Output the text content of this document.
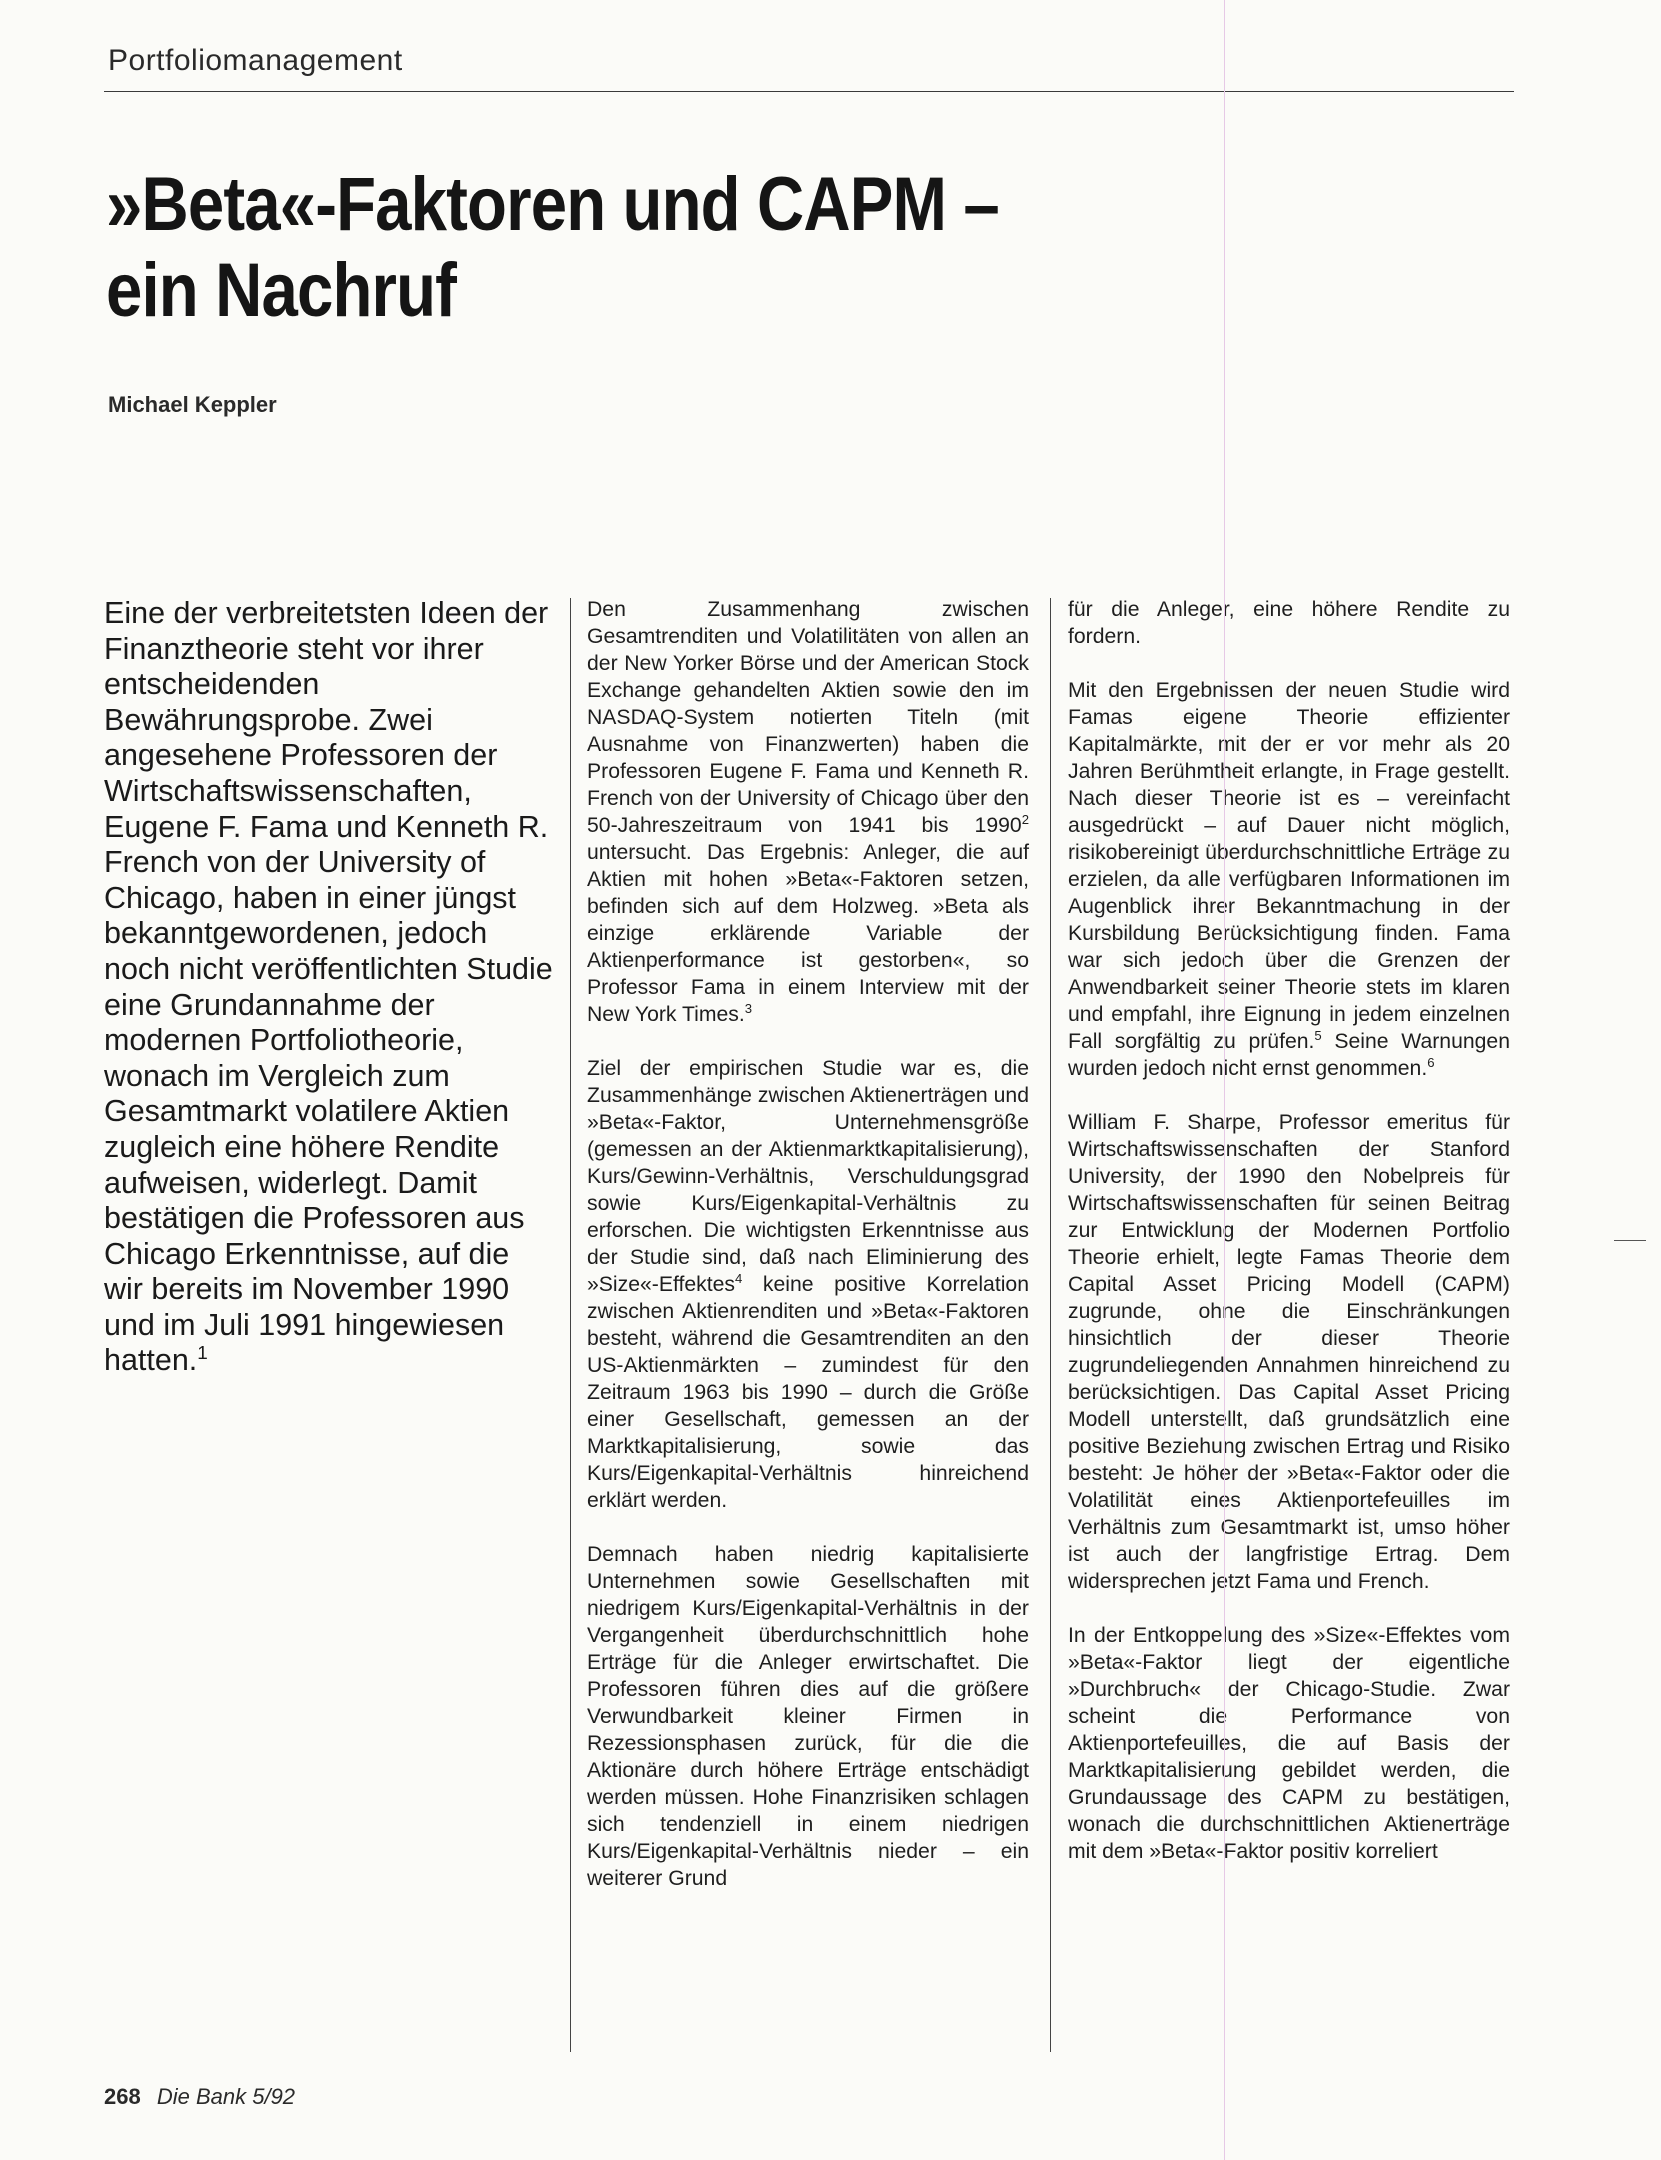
Portfoliomanagement
»Beta«-Faktoren und CAPM –
ein Nachruf
Michael Keppler

Eine der verbreitetsten Ideen der Finanztheorie steht vor ihrer entscheidenden Bewährungsprobe. Zwei angesehene Professoren der Wirtschaftswissenschaften, Eugene F. Fama und Kenneth R. French von der University of Chicago, haben in einer jüngst bekanntgewordenen, jedoch noch nicht veröffentlichten Studie eine Grundannahme der modernen Portfoliotheorie, wonach im Vergleich zum Gesamtmarkt volatilere Aktien zugleich eine höhere Rendite aufweisen, widerlegt. Damit bestätigen die Professoren aus Chicago Erkenntnisse, auf die wir bereits im November 1990 und im Juli 1991 hingewiesen hatten.$^1$

Den Zusammenhang zwischen Gesamtrenditen und Volatilitäten von allen an der New Yorker Börse und der American Stock Exchange gehandelten Aktien sowie den im NASDAQ-System notierten Titeln (mit Ausnahme von Finanzwerten) haben die Professoren Eugene F. Fama und Kenneth R. French von der University of Chicago über den 50-Jahreszeitraum von 1941 bis 1990$^2$ untersucht. Das Ergebnis: Anleger, die auf Aktien mit hohen »Beta«-Faktoren setzen, befinden sich auf dem Holzweg. »Beta als einzige erklärende Variable der Aktienperformance ist gestorben«, so Professor Fama in einem Interview mit der New York Times.$^3$

Ziel der empirischen Studie war es, die Zusammenhänge zwischen Aktienerträgen und »Beta«-Faktor, Unternehmensgröße (gemessen an der Aktienmarktkapitalisierung), Kurs/Gewinn-Verhältnis, Verschuldungsgrad sowie Kurs/Eigenkapital-Verhältnis zu erforschen. Die wichtigsten Erkenntnisse aus der Studie sind, daß nach Eliminierung des »Size«-Effektes$^4$ keine positive Korrelation zwischen Aktienrenditen und »Beta«-Faktoren besteht, während die Gesamtrenditen an den US-Aktienmärkten – zumindest für den Zeitraum 1963 bis 1990 – durch die Größe einer Gesellschaft, gemessen an der Marktkapitalisierung, sowie das Kurs/Eigenkapital-Verhältnis hinreichend erklärt werden.

Demnach haben niedrig kapitalisierte Unternehmen sowie Gesellschaften mit niedrigem Kurs/Eigenkapital-Verhältnis in der Vergangenheit überdurchschnittlich hohe Erträge für die Anleger erwirtschaftet. Die Professoren führen dies auf die größere Verwundbarkeit kleiner Firmen in Rezessionsphasen zurück, für die die Aktionäre durch höhere Erträge entschädigt werden müssen. Hohe Finanzrisiken schlagen sich tendenziell in einem niedrigen Kurs/Eigenkapital-Verhältnis nieder – ein weiterer Grund

für die Anleger, eine höhere Rendite zu fordern.

Mit den Ergebnissen der neuen Studie wird Famas eigene Theorie effizienter Kapitalmärkte, mit der er vor mehr als 20 Jahren Berühmtheit erlangte, in Frage gestellt. Nach dieser Theorie ist es – vereinfacht ausgedrückt – auf Dauer nicht möglich, risikobereinigt überdurchschnittliche Erträge zu erzielen, da alle verfügbaren Informationen im Augenblick ihrer Bekanntmachung in der Kursbildung Berücksichtigung finden. Fama war sich jedoch über die Grenzen der Anwendbarkeit seiner Theorie stets im klaren und empfahl, ihre Eignung in jedem einzelnen Fall sorgfältig zu prüfen.$^5$ Seine Warnungen wurden jedoch nicht ernst genommen.$^6$

William F. Sharpe, Professor emeritus für Wirtschaftswissenschaften der Stanford University, der 1990 den Nobelpreis für Wirtschaftswissenschaften für seinen Beitrag zur Entwicklung der Modernen Portfolio Theorie erhielt, legte Famas Theorie dem Capital Asset Pricing Modell (CAPM) zugrunde, ohne die Einschränkungen hinsichtlich der dieser Theorie zugrundeliegenden Annahmen hinreichend zu berücksichtigen. Das Capital Asset Pricing Modell unterstellt, daß grundsätzlich eine positive Beziehung zwischen Ertrag und Risiko besteht: Je höher der »Beta«-Faktor oder die Volatilität eines Aktienportefeuilles im Verhältnis zum Gesamtmarkt ist, umso höher ist auch der langfristige Ertrag. Dem widersprechen jetzt Fama und French.

In der Entkoppelung des »Size«-Effektes vom »Beta«-Faktor liegt der eigentliche »Durchbruch« der Chicago-Studie. Zwar scheint die Performance von Aktienportefeuilles, die auf Basis der Marktkapitalisierung gebildet werden, die Grundaussage des CAPM zu bestätigen, wonach die durchschnittlichen Aktienerträge mit dem »Beta«-Faktor positiv korreliert

268 Die Bank 5/92
